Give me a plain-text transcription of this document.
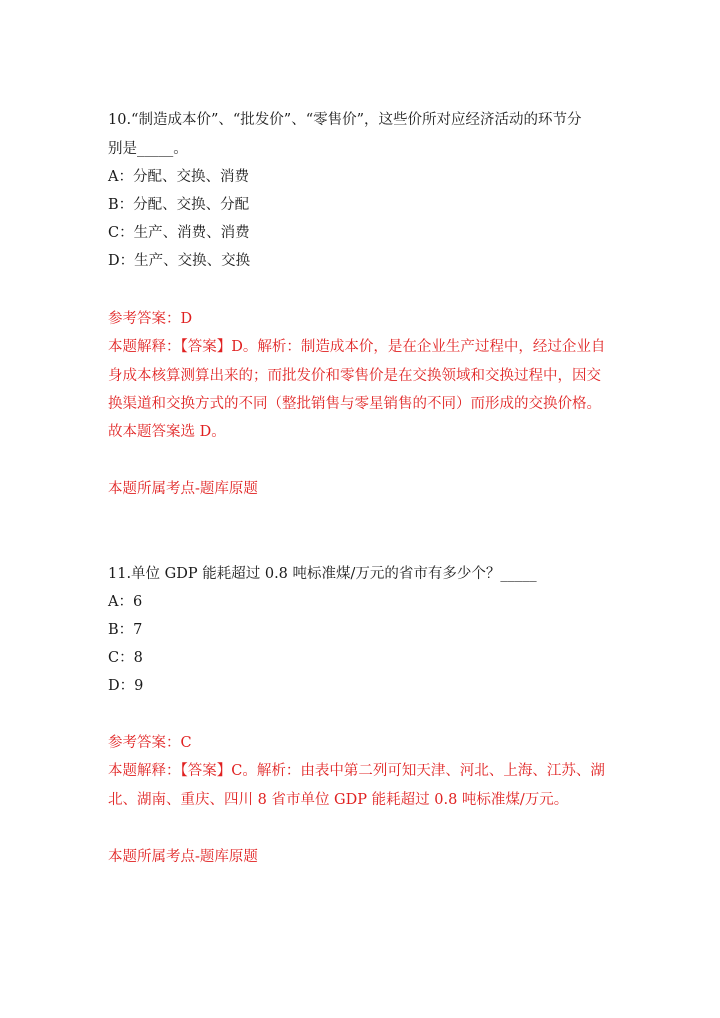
10.“制造成本价”、“批发价”、“零售价”，这些价所对应经济活动的环节分
别是_____。
A：分配、交换、消费
B：分配、交换、分配
C：生产、消费、消费
D：生产、交换、交换
参考答案：D
本题解释：【答案】D。解析：制造成本价，是在企业生产过程中，经过企业自
身成本核算测算出来的；而批发价和零售价是在交换领域和交换过程中，因交
换渠道和交换方式的不同（整批销售与零星销售的不同）而形成的交换价格。
故本题答案选 D。
本题所属考点-题库原题
11.单位 GDP 能耗超过 0.8 吨标准煤/万元的省市有多少个？_____
A：6
B：7
C：8
D：9
参考答案：C
本题解释：【答案】C。解析：由表中第二列可知天津、河北、上海、江苏、湖
北、湖南、重庆、四川 8 省市单位 GDP 能耗超过 0.8 吨标准煤/万元。
本题所属考点-题库原题
